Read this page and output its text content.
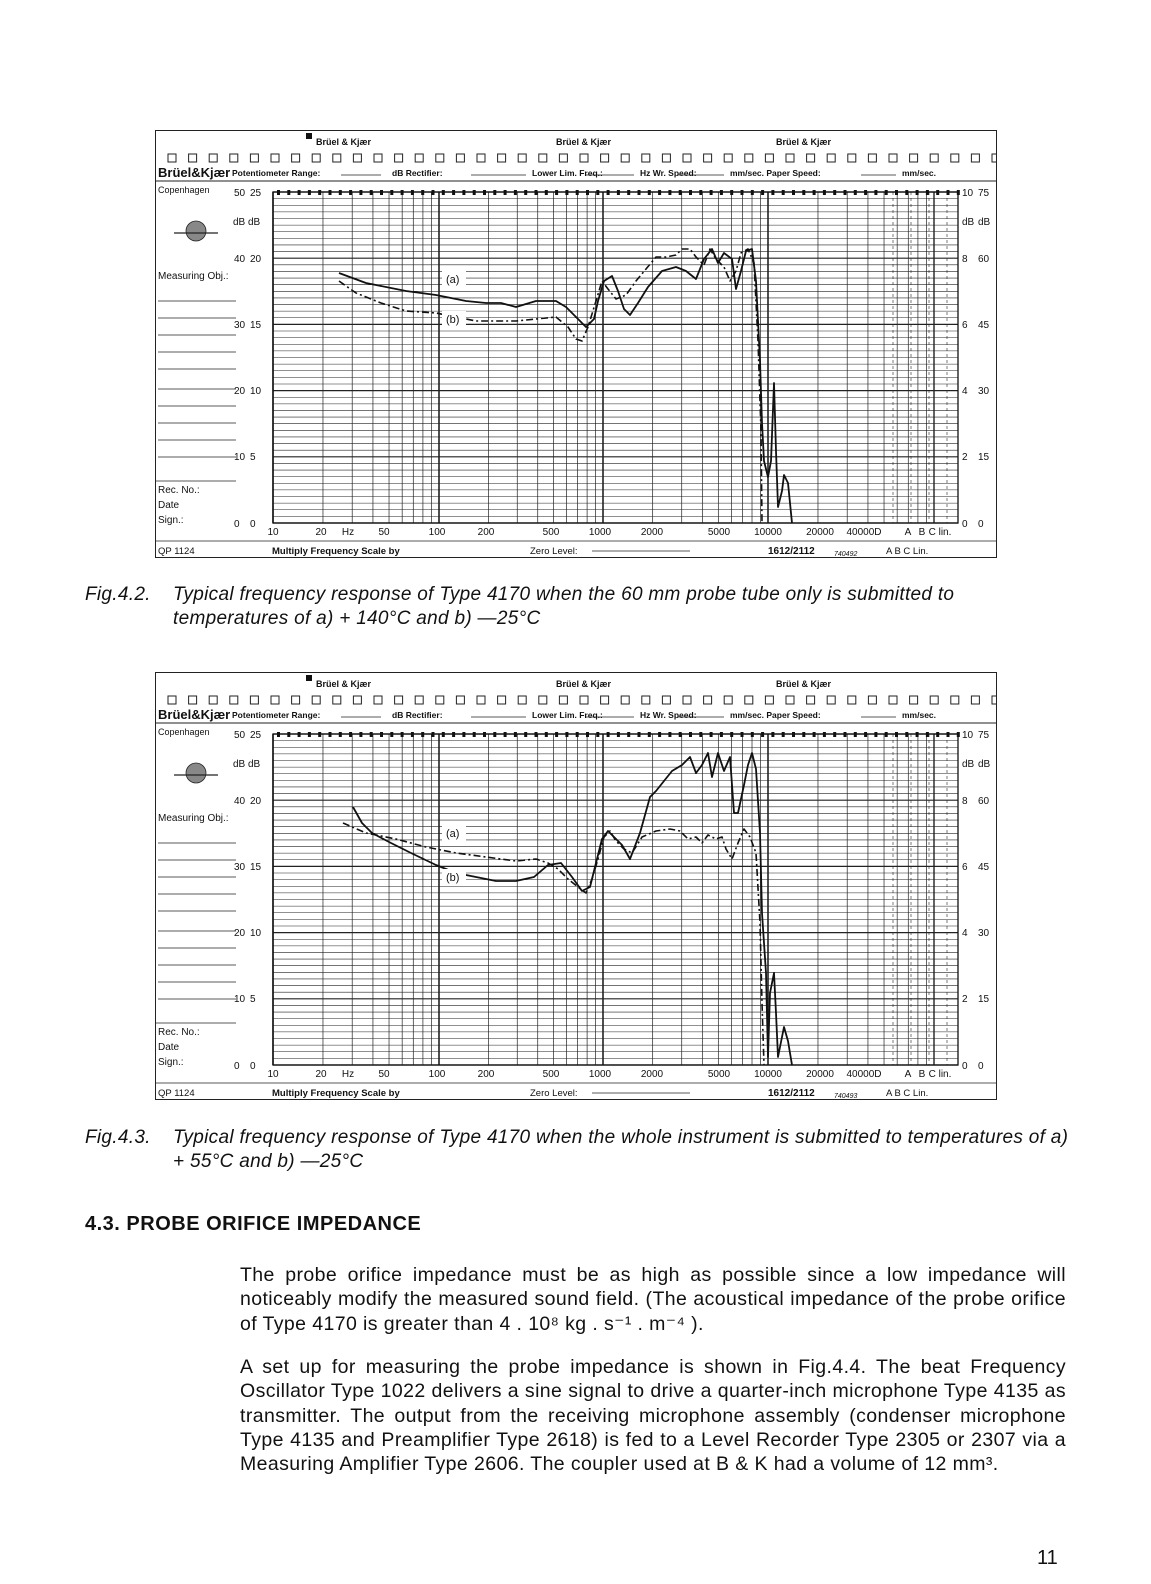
Brüel & Kjær	Brüel & Kjær	Brüel & Kjær
Brüel&Kjær
Copenhagen
Potentiometer Range:	dB Rectifier:	Lower Lim. Freq.:	Hz Wr. Speed:	mm/sec. Paper Speed:	mm/sec.
50
40
30
20
10
0
25
20
15
10
5
0
10
8
6
4
2
0
75
60
45
30
15
0
dB dB	dB dB
Measuring Obj.:
Rec. No.:
Date
Sign.:
10	20 Hz 50	100	200	500	1000	2000	5000 10000 20000 40000D A B C lin.
QP 1124	Multiply Frequency Scale by	Zero Level:	1612/2112	740492	A B C Lin.
(a)
(b)
Fig.4.2. Typical frequency response of Type 4170 when the 60 mm probe tube only is submitted to temperatures of a) + 140°C and b) —25°C
Brüel & Kjær	Brüel & Kjær	Brüel & Kjær
Brüel&Kjær
Copenhagen
Potentiometer Range:	dB Rectifier:	Lower Lim. Freq.:	Hz Wr. Speed:	mm/sec. Paper Speed:	mm/sec.
50
40
30
20
10
0
25
20
15
10
5
0
10
8
6
4
2
0
75
60
45
30
15
0
dB dB	dB dB
Measuring Obj.:
Rec. No.:
Date
Sign.:
10	20 Hz 50	100	200	500	1000	2000	5000 10000 20000 40000D A B C lin.
QP 1124	Multiply Frequency Scale by	Zero Level:	1612/2112	740493	A B C Lin.
(a)
(b)
Fig.4.3. Typical frequency response of Type 4170 when the whole instrument is submitted to temperatures of a) + 55°C and b) —25°C
4.3. PROBE ORIFICE IMPEDANCE
The probe orifice impedance must be as high as possible since a low impedance will noticeably modify the measured sound field. (The acoustical impedance of the probe orifice of Type 4170 is greater than 4 . 10⁸ kg . s⁻¹ . m⁻⁴ ).
A set up for measuring the probe impedance is shown in Fig.4.4. The beat Frequency Oscillator Type 1022 delivers a sine signal to drive a quarter-inch microphone Type 4135 as transmitter. The output from the receiving microphone assembly (condenser microphone Type 4135 and Preamplifier Type 2618) is fed to a Level Recorder Type 2305 or 2307 via a Measuring Amplifier Type 2606. The coupler used at B & K had a volume of 12 mm³.
11
